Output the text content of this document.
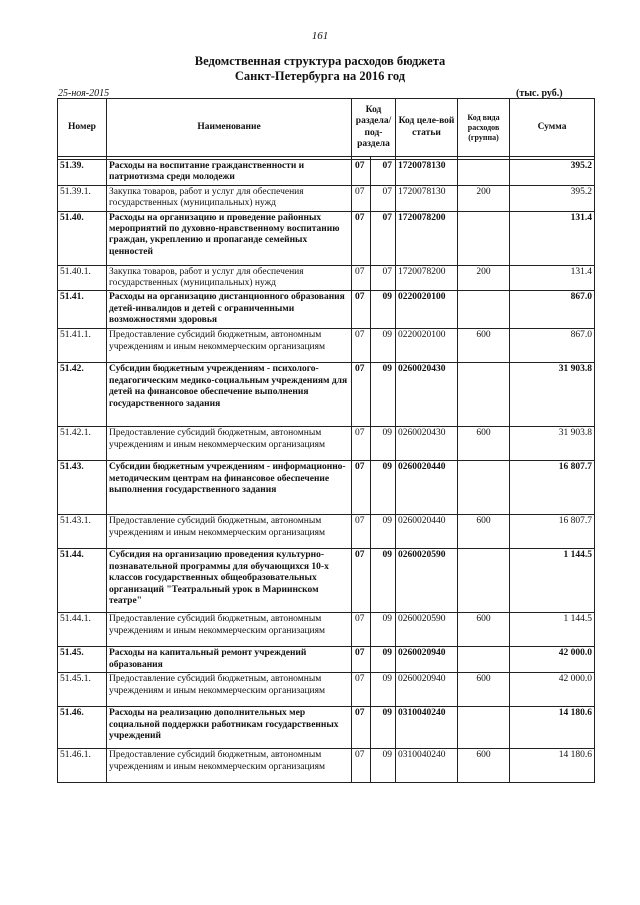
161
Ведомственная структура расходов бюджета
Санкт-Петербурга на 2016 год
25-ноя-2015	(тыс. руб.)
Номер	Наименование	Код раздела/ под-раздела		Код целе-вой статьи	Код вида расходов (группа)	Сумма

51.39.	Расходы на воспитание гражданственности и патриотизма среди молодежи	07	07	1720078130		395.2
51.39.1.	Закупка товаров, работ и услуг для обеспечения государственных (муниципальных) нужд	07	07	1720078130	200	395.2
51.40.	Расходы на организацию и проведение районных мероприятий по духовно-нравственному воспитанию граждан, укреплению и пропаганде семейных ценностей	07	07	1720078200		131.4
51.40.1.	Закупка товаров, работ и услуг для обеспечения государственных (муниципальных) нужд	07	07	1720078200	200	131.4
51.41.	Расходы на организацию дистанционного образования детей-инвалидов и детей с ограниченными возможностями здоровья	07	09	0220020100		867.0
51.41.1.	Предоставление субсидий бюджетным, автономным учреждениям и иным некоммерческим организациям	07	09	0220020100	600	867.0
51.42.	Субсидии бюджетным учреждениям - психолого-педагогическим медико-социальным учреждениям для детей на финансовое обеспечение выполнения государственного задания	07	09	0260020430		31 903.8
51.42.1.	Предоставление субсидий бюджетным, автономным учреждениям и иным некоммерческим организациям	07	09	0260020430	600	31 903.8
51.43.	Субсидии бюджетным учреждениям - информационно-методическим центрам на финансовое обеспечение выполнения государственного задания	07	09	0260020440		16 807.7
51.43.1.	Предоставление субсидий бюджетным, автономным учреждениям и иным некоммерческим организациям	07	09	0260020440	600	16 807.7
51.44.	Субсидия на организацию проведения культурно-познавательной программы для обучающихся 10-х классов государственных общеобразовательных организаций "Театральный урок в Мариинском театре"	07	09	0260020590		1 144.5
51.44.1.	Предоставление субсидий бюджетным, автономным учреждениям и иным некоммерческим организациям	07	09	0260020590	600	1 144.5
51.45.	Расходы на капитальный ремонт учреждений образования	07	09	0260020940		42 000.0
51.45.1.	Предоставление субсидий бюджетным, автономным учреждениям и иным некоммерческим организациям	07	09	0260020940	600	42 000.0
51.46.	Расходы на реализацию дополнительных мер социальной поддержки работникам государственных учреждений	07	09	0310040240		14 180.6
51.46.1.	Предоставление субсидий бюджетным, автономным учреждениям и иным некоммерческим организациям	07	09	0310040240	600	14 180.6
